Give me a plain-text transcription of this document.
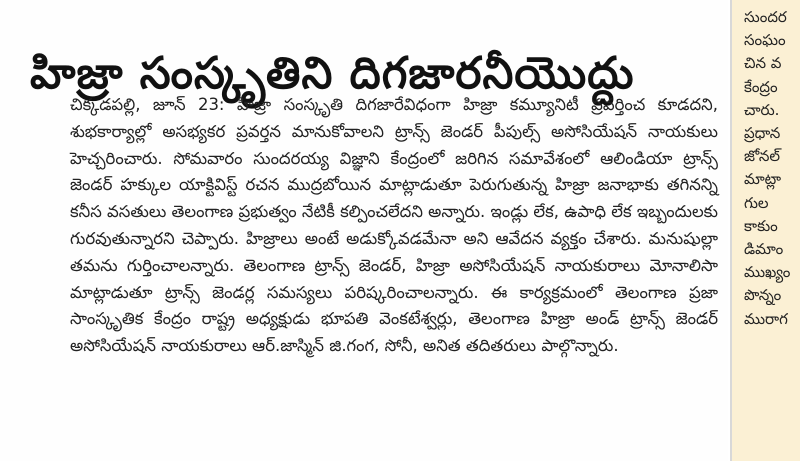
హిజ్రా సంస్కృతిని దిగజారనీయొద్దు

చిక్కడపల్లి, జూన్ 23: హిజ్రా సంస్కృతి దిగజారేవిధంగా హిజ్రా కమ్యూనిటీ ప్రవర్తించ కూడదని, శుభకార్యాల్లో అసభ్యకర ప్రవర్తన మానుకోవాలని ట్రాన్స్ జెండర్ పీపుల్స్ అసోసియేషన్ నాయకులు హెచ్చరించారు. సోమవారం సుందరయ్య విజ్ఞాని కేంద్రంలో జరిగిన సమావేశంలో ఆలిండియా ట్రాన్స్ జెండర్ హక్కుల యాక్టివిస్ట్ రచన ముద్రబోయిన మాట్లాడుతూ పెరుగుతున్న హిజ్రా జనాభాకు తగినన్ని కనీస వసతులు తెలంగాణ ప్రభుత్వం నేటికీ కల్పించలేదని అన్నారు. ఇండ్లు లేక, ఉపాధి లేక ఇబ్బందులకు గురవుతున్నారని చెప్పారు. హిజ్రాలు అంటే అడుక్కోవడమేనా అని ఆవేదన వ్యక్తం చేశారు. మనుషుల్లా తమను గుర్తించాలన్నారు. తెలంగాణ ట్రాన్స్ జెండర్, హిజ్రా అసోసియేషన్ నాయకురాలు మోనాలిసా మాట్లాడుతూ ట్రాన్స్ జెండర్ల సమస్యలు పరిష్కరించాలన్నారు. ఈ కార్యక్రమంలో తెలంగాణ ప్రజా సాంస్కృతిక కేంద్రం రాష్ట్ర అధ్యక్షుడు భూపతి వెంకటేశ్వర్లు, తెలంగాణ హిజ్రా అండ్ ట్రాన్స్ జెండర్ అసోసియేషన్ నాయకురాలు ఆర్.జాస్మిన్ జి.గంగ, సోనీ, అనిత తదితరులు పాల్గొన్నారు.

సుందర
సంఘం
చిన వ
కేంద్రం
చారు.
ప్రధాన
జోనల్
మాట్లా
గుల
కాకుం
డిమాం
ముఖ్యం
పొన్నం
మురాగ
